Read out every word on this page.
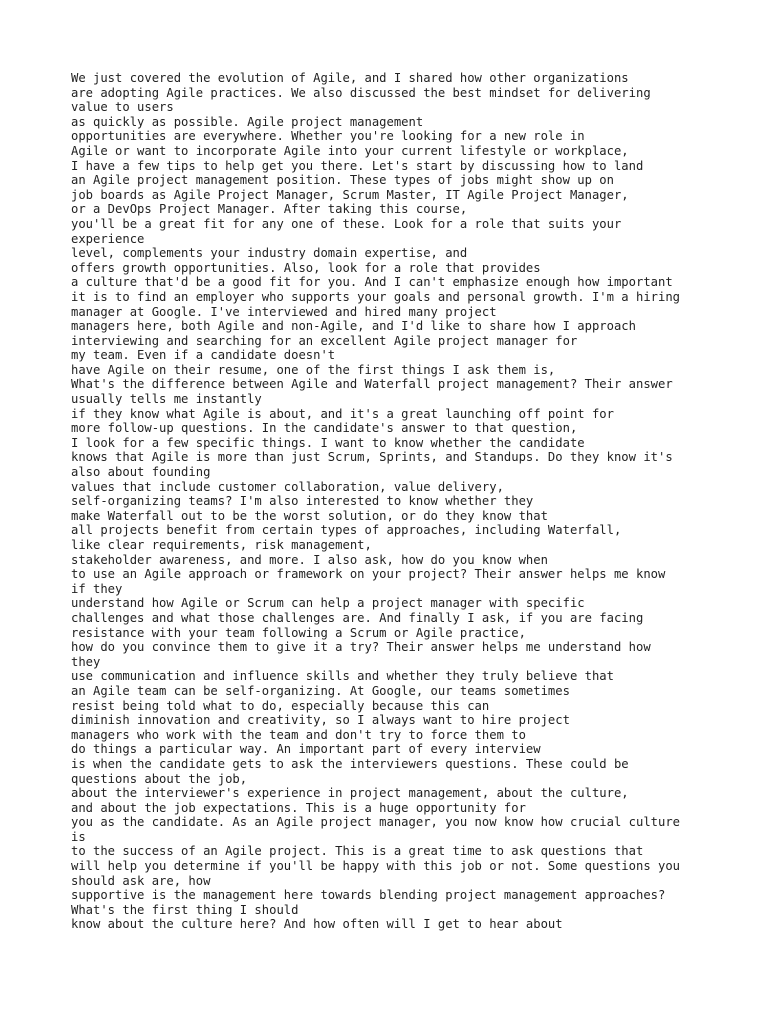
We just covered the evolution of Agile, and I shared how other organizations
are adopting Agile practices. We also discussed the best mindset for delivering
value to users
as quickly as possible. Agile project management
opportunities are everywhere. Whether you're looking for a new role in
Agile or want to incorporate Agile into your current lifestyle or workplace,
I have a few tips to help get you there. Let's start by discussing how to land
an Agile project management position. These types of jobs might show up on
job boards as Agile Project Manager, Scrum Master, IT Agile Project Manager,
or a DevOps Project Manager. After taking this course,
you'll be a great fit for any one of these. Look for a role that suits your
experience
level, complements your industry domain expertise, and
offers growth opportunities. Also, look for a role that provides
a culture that'd be a good fit for you. And I can't emphasize enough how important
it is to find an employer who supports your goals and personal growth. I'm a hiring
manager at Google. I've interviewed and hired many project
managers here, both Agile and non-Agile, and I'd like to share how I approach
interviewing and searching for an excellent Agile project manager for
my team. Even if a candidate doesn't
have Agile on their resume, one of the first things I ask them is,
What's the difference between Agile and Waterfall project management? Their answer
usually tells me instantly
if they know what Agile is about, and it's a great launching off point for
more follow-up questions. In the candidate's answer to that question,
I look for a few specific things. I want to know whether the candidate
knows that Agile is more than just Scrum, Sprints, and Standups. Do they know it's
also about founding
values that include customer collaboration, value delivery,
self-organizing teams? I'm also interested to know whether they
make Waterfall out to be the worst solution, or do they know that
all projects benefit from certain types of approaches, including Waterfall,
like clear requirements, risk management,
stakeholder awareness, and more. I also ask, how do you know when
to use an Agile approach or framework on your project? Their answer helps me know
if they
understand how Agile or Scrum can help a project manager with specific
challenges and what those challenges are. And finally I ask, if you are facing
resistance with your team following a Scrum or Agile practice,
how do you convince them to give it a try? Their answer helps me understand how
they
use communication and influence skills and whether they truly believe that
an Agile team can be self-organizing. At Google, our teams sometimes
resist being told what to do, especially because this can
diminish innovation and creativity, so I always want to hire project
managers who work with the team and don't try to force them to
do things a particular way. An important part of every interview
is when the candidate gets to ask the interviewers questions. These could be
questions about the job,
about the interviewer's experience in project management, about the culture,
and about the job expectations. This is a huge opportunity for
you as the candidate. As an Agile project manager, you now know how crucial culture
is
to the success of an Agile project. This is a great time to ask questions that
will help you determine if you'll be happy with this job or not. Some questions you
should ask are, how
supportive is the management here towards blending project management approaches?
What's the first thing I should
know about the culture here? And how often will I get to hear about
